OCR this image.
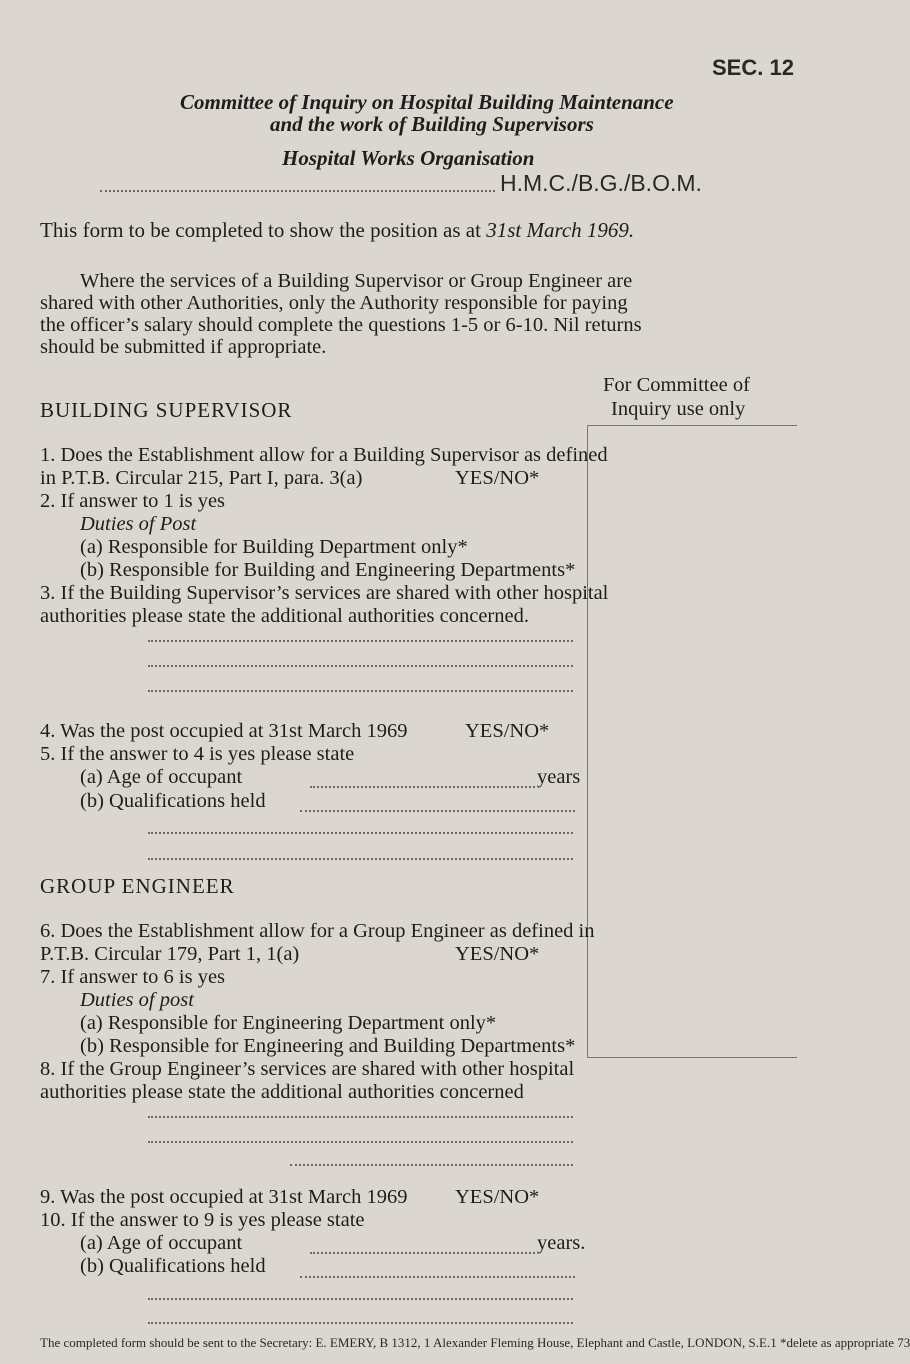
SEC. 12
Committee of Inquiry on Hospital Building Maintenance
and the work of Building Supervisors
Hospital Works Organisation
H.M.C./B.G./B.O.M.
This form to be completed to show the position as at 31st March 1969.
Where the services of a Building Supervisor or Group Engineer are
shared with other Authorities, only the Authority responsible for paying
the officer’s salary should complete the questions 1-5 or 6-10. Nil returns
should be submitted if appropriate.
For Committee of
Inquiry use only
BUILDING SUPERVISOR
1. Does the Establishment allow for a Building Supervisor as defined
in P.T.B. Circular 215, Part I, para. 3(a)	YES/NO*
2. If answer to 1 is yes
Duties of Post
(a) Responsible for Building Department only*
(b) Responsible for Building and Engineering Departments*
3. If the Building Supervisor’s services are shared with other hospital
authorities please state the additional authorities concerned.
4. Was the post occupied at 31st March 1969	YES/NO*
5. If the answer to 4 is yes please state
(a) Age of occupant	years
(b) Qualifications held
GROUP ENGINEER
6. Does the Establishment allow for a Group Engineer as defined in
P.T.B. Circular 179, Part 1, 1(a)	YES/NO*
7. If answer to 6 is yes
Duties of post
(a) Responsible for Engineering Department only*
(b) Responsible for Engineering and Building Departments*
8. If the Group Engineer’s services are shared with other hospital
authorities please state the additional authorities concerned
9. Was the post occupied at 31st March 1969 YES/NO*
10. If the answer to 9 is yes please state
(a) Age of occupant	years.
(b) Qualifications held
The completed form should be sent to the Secretary: E. EMERY, B 1312, 1 Alexander Fleming House, Elephant and Castle, LONDON, S.E.1 *delete as appropriate 73
